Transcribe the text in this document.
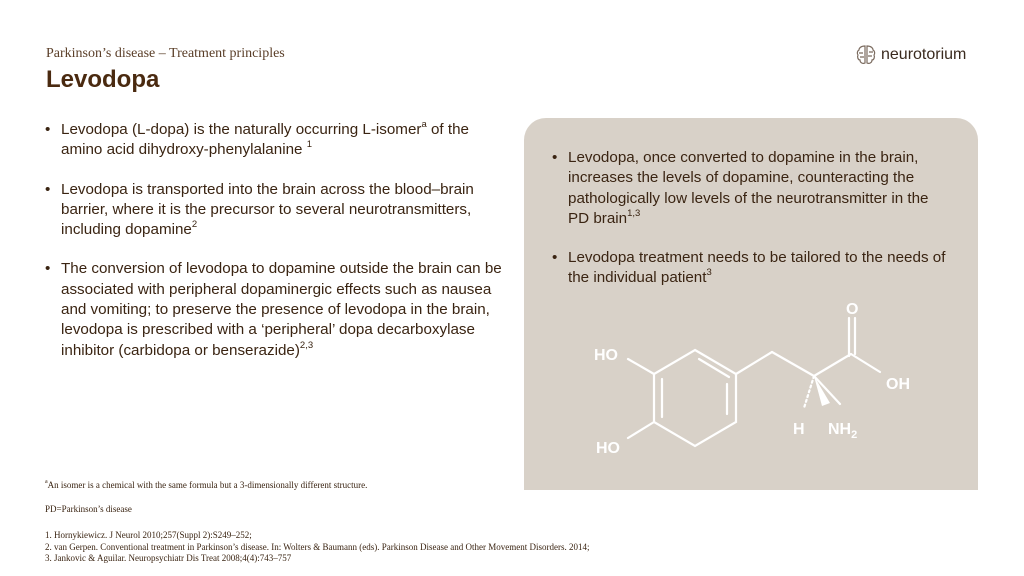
Parkinson’s disease – Treatment principles
Levodopa
neurotorium
• Levodopa (L-dopa) is the naturally occurring L-isomer$^a$ of the amino acid dihydroxy-phenylalanine $^1$
• Levodopa is transported into the brain across the blood–brain barrier, where it is the precursor to several neurotransmitters, including dopamine$^2$
• The conversion of levodopa to dopamine outside the brain can be associated with peripheral dopaminergic effects such as nausea and vomiting; to preserve the presence of levodopa in the brain, levodopa is prescribed with a ‘peripheral’ dopa decarboxylase inhibitor (carbidopa or benserazide)$^{2,3}$
• Levodopa, once converted to dopamine in the brain, increases the levels of dopamine, counteracting the pathologically low levels of the neurotransmitter in the PD brain$^{1,3}$
• Levodopa treatment needs to be tailored to the needs of the individual patient$^3$
HO
HO
O
OH
H $NH_2$
$^a$An isomer is a chemical with the same formula but a 3-dimensionally different structure.
PD=Parkinson’s disease
1. Hornykiewicz. J Neurol 2010;257(Suppl 2):S249–252;
2. van Gerpen. Conventional treatment in Parkinson’s disease. In: Wolters & Baumann (eds). Parkinson Disease and Other Movement Disorders. 2014;
3. Jankovic & Aguilar. Neuropsychiatr Dis Treat 2008;4(4):743–757
